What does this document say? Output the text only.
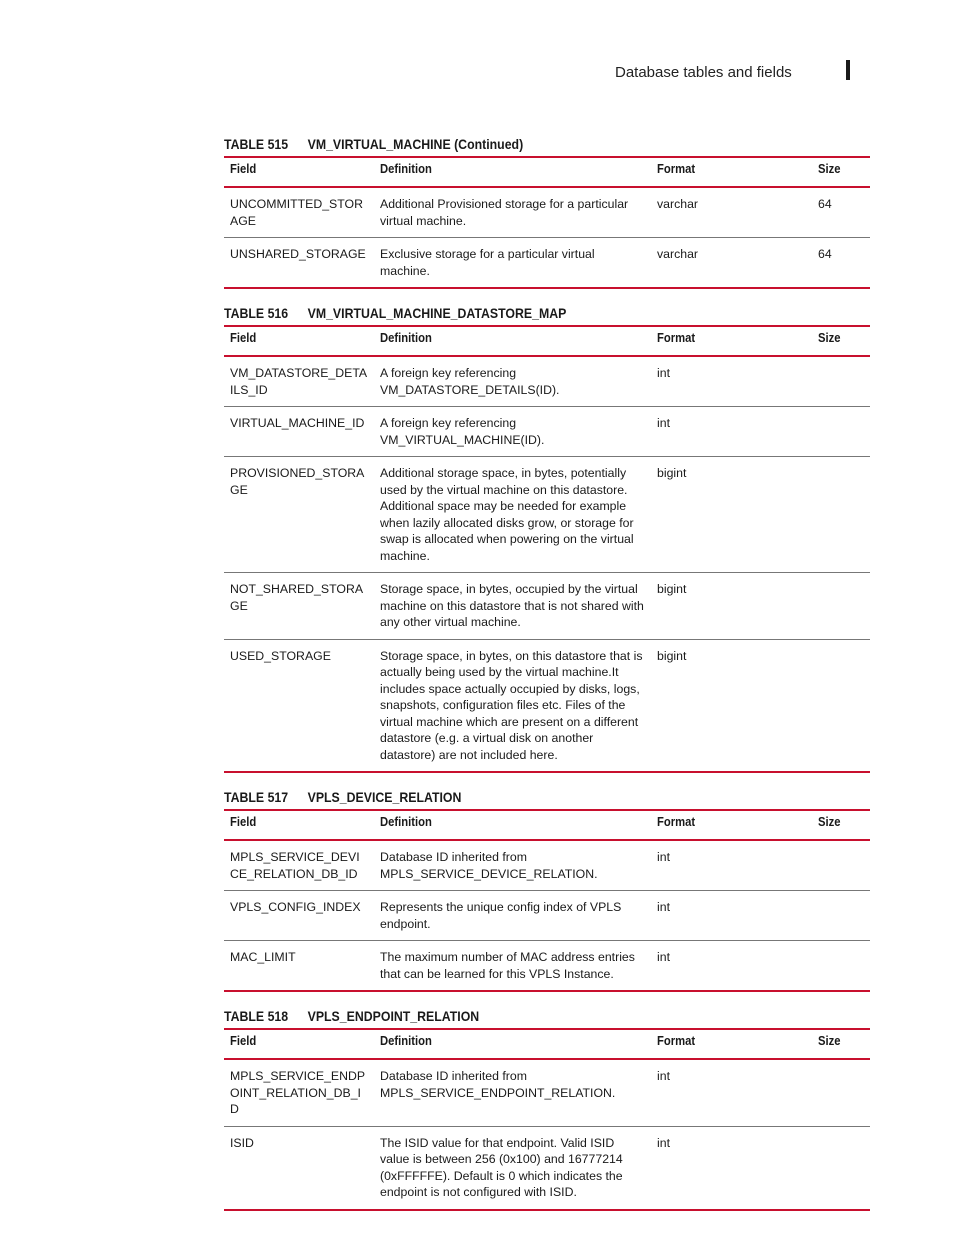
Database tables and fields
TABLE 515 VM_VIRTUAL_MACHINE (Continued)
Field	Definition	Format	Size
UNCOMMITTED_STORAGE	Additional Provisioned storage for a particular virtual machine.	varchar	64
UNSHARED_STORAGE	Exclusive storage for a particular virtual machine.	varchar	64
TABLE 516 VM_VIRTUAL_MACHINE_DATASTORE_MAP
Field	Definition	Format	Size
VM_DATASTORE_DETAILS_ID	A foreign key referencing VM_DATASTORE_DETAILS(ID).	int	
VIRTUAL_MACHINE_ID	A foreign key referencing VM_VIRTUAL_MACHINE(ID).	int	
PROVISIONED_STORAGE	Additional storage space, in bytes, potentially used by the virtual machine on this datastore. Additional space may be needed for example when lazily allocated disks grow, or storage for swap is allocated when powering on the virtual machine.	bigint	
NOT_SHARED_STORAGE	Storage space, in bytes, occupied by the virtual machine on this datastore that is not shared with any other virtual machine.	bigint	
USED_STORAGE	Storage space, in bytes, on this datastore that is actually being used by the virtual machine.It includes space actually occupied by disks, logs, snapshots, configuration files etc. Files of the virtual machine which are present on a different datastore (e.g. a virtual disk on another datastore) are not included here.	bigint	
TABLE 517 VPLS_DEVICE_RELATION
Field	Definition	Format	Size
MPLS_SERVICE_DEVICE_RELATION_DB_ID	Database ID inherited from MPLS_SERVICE_DEVICE_RELATION.	int	
VPLS_CONFIG_INDEX	Represents the unique config index of VPLS endpoint.	int	
MAC_LIMIT	The maximum number of MAC address entries that can be learned for this VPLS Instance.	int	
TABLE 518 VPLS_ENDPOINT_RELATION
Field	Definition	Format	Size
MPLS_SERVICE_ENDPOINT_RELATION_DB_ID	Database ID inherited from MPLS_SERVICE_ENDPOINT_RELATION.	int	
ISID	The ISID value for that endpoint. Valid ISID value is between 256 (0x100) and 16777214 (0xFFFFFE). Default is 0 which indicates the endpoint is not configured with ISID.	int	
